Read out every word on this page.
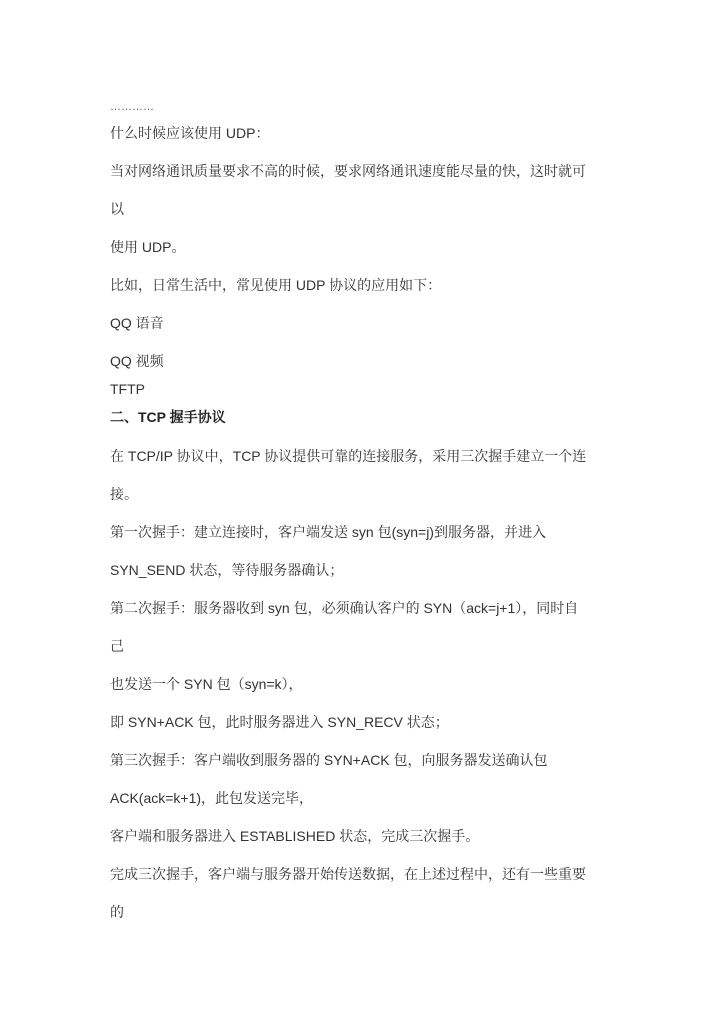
…………
什么时候应该使用 UDP：
当对网络通讯质量要求不高的时候，要求网络通讯速度能尽量的快，这时就可
以
使用 UDP。
比如，日常生活中，常见使用 UDP 协议的应用如下：
QQ 语音
QQ 视频
TFTP
二、TCP 握手协议
在 TCP/IP 协议中，TCP 协议提供可靠的连接服务，采用三次握手建立一个连
接。
第一次握手：建立连接时，客户端发送 syn 包(syn=j)到服务器，并进入
SYN_SEND 状态，等待服务器确认；
第二次握手：服务器收到 syn 包，必须确认客户的 SYN（ack=j+1），同时自
己
也发送一个 SYN 包（syn=k），
即 SYN+ACK 包，此时服务器进入 SYN_RECV 状态；
第三次握手：客户端收到服务器的 SYN+ACK 包，向服务器发送确认包
ACK(ack=k+1)，此包发送完毕，
客户端和服务器进入 ESTABLISHED 状态，完成三次握手。
完成三次握手，客户端与服务器开始传送数据，在上述过程中，还有一些重要
的
